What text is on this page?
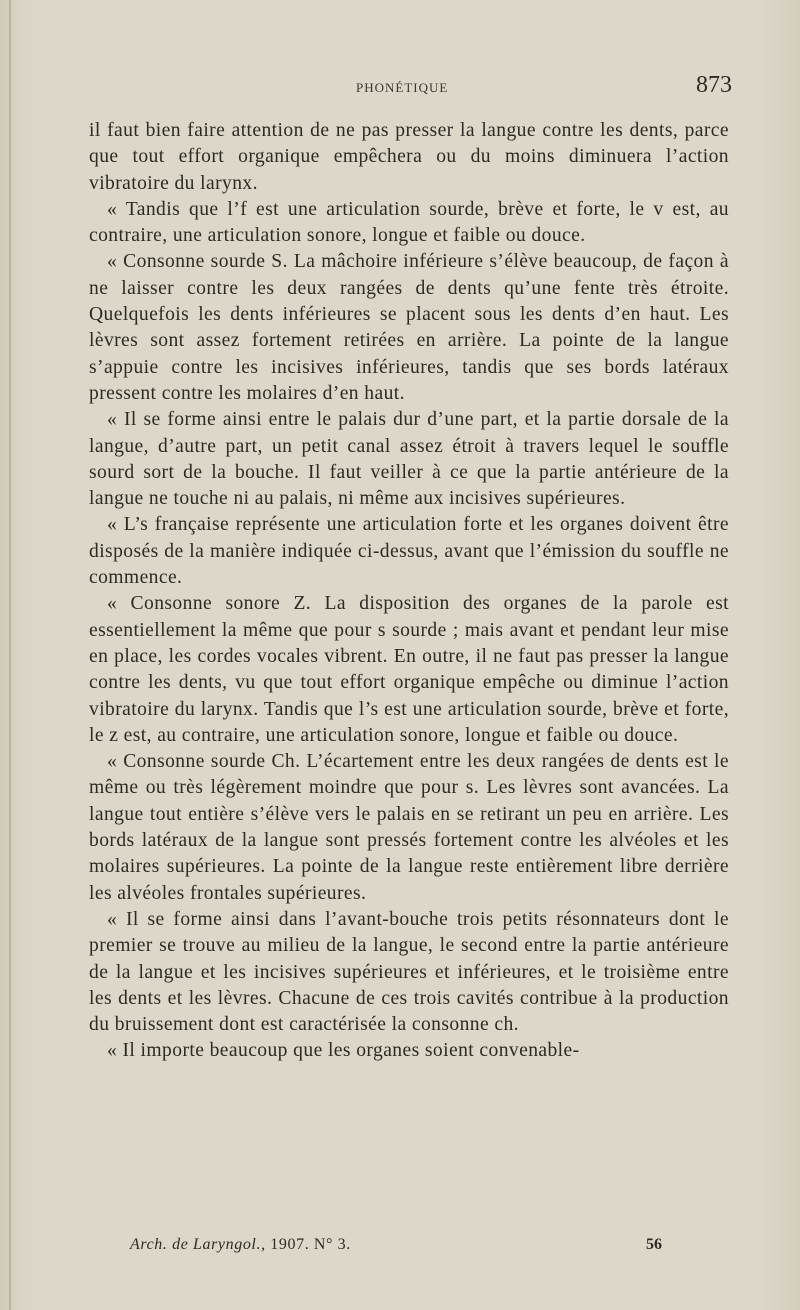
PHONÉTIQUE	873

il faut bien faire attention de ne pas presser la langue contre les dents, parce que tout effort organique empêchera ou du moins diminuera l’action vibratoire du larynx.

« Tandis que l’f est une articulation sourde, brève et forte, le v est, au contraire, une articulation sonore, longue et faible ou douce.

« Consonne sourde S. La mâchoire inférieure s’élève beaucoup, de façon à ne laisser contre les deux rangées de dents qu’une fente très étroite. Quelquefois les dents inférieures se placent sous les dents d’en haut. Les lèvres sont assez fortement retirées en arrière. La pointe de la langue s’appuie contre les incisives inférieures, tandis que ses bords latéraux pressent contre les molaires d’en haut.

« Il se forme ainsi entre le palais dur d’une part, et la partie dorsale de la langue, d’autre part, un petit canal assez étroit à travers lequel le souffle sourd sort de la bouche. Il faut veiller à ce que la partie antérieure de la langue ne touche ni au palais, ni même aux incisives supérieures.

« L’s française représente une articulation forte et les organes doivent être disposés de la manière indiquée ci-dessus, avant que l’émission du souffle ne commence.

« Consonne sonore Z. La disposition des organes de la parole est essentiellement la même que pour s sourde ; mais avant et pendant leur mise en place, les cordes vocales vibrent. En outre, il ne faut pas presser la langue contre les dents, vu que tout effort organique empêche ou diminue l’action vibratoire du larynx. Tandis que l’s est une articulation sourde, brève et forte, le z est, au contraire, une articulation sonore, longue et faible ou douce.

« Consonne sourde Ch. L’écartement entre les deux rangées de dents est le même ou très légèrement moindre que pour s. Les lèvres sont avancées. La langue tout entière s’élève vers le palais en se retirant un peu en arrière. Les bords latéraux de la langue sont pressés fortement contre les alvéoles et les molaires supérieures. La pointe de la langue reste entièrement libre derrière les alvéoles frontales supérieures.

« Il se forme ainsi dans l’avant-bouche trois petits résonnateurs dont le premier se trouve au milieu de la langue, le second entre la partie antérieure de la langue et les incisives supérieures et inférieures, et le troisième entre les dents et les lèvres. Chacune de ces trois cavités contribue à la production du bruissement dont est caractérisée la consonne ch.

« Il importe beaucoup que les organes soient convenable-

Arch. de Laryngol., 1907. N° 3.	56
